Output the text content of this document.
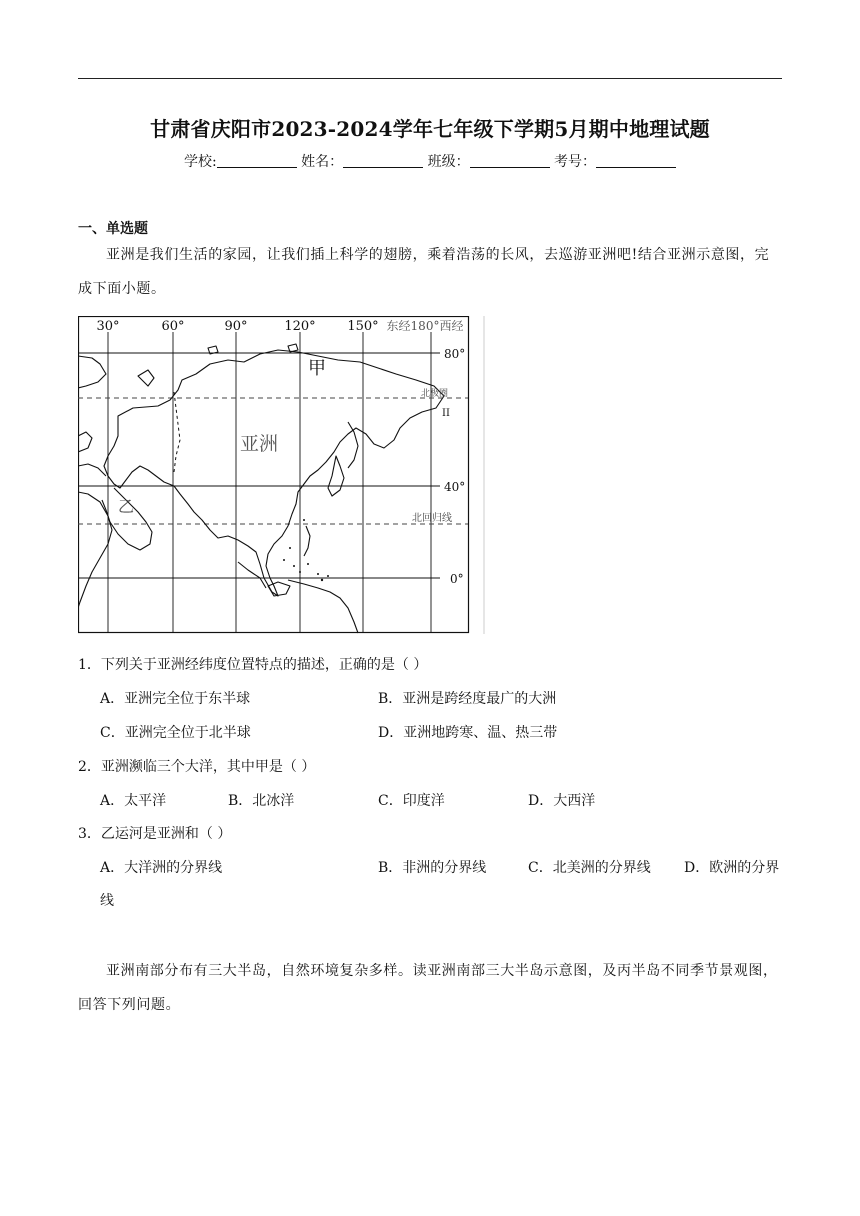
甘肃省庆阳市2023-2024学年七年级下学期5月期中地理试题
学校:	姓名：	班级：	考号：
一、单选题
亚洲是我们生活的家园，让我们插上科学的翅膀，乘着浩荡的长风，去巡游亚洲吧!结合亚洲示意图，完成下面小题。
30°	60°	90°	120° 150° 东经180°西经
80°
40°
0°
北极圈
北回归线
亚洲
甲
乙
II
1．下列关于亚洲经纬度位置特点的描述，正确的是（ ）
A．亚洲完全位于东半球	B．亚洲是跨经度最广的大洲
C．亚洲完全位于北半球	D．亚洲地跨寒、温、热三带
2．亚洲濒临三个大洋，其中甲是（ ）
A．太平洋	B．北冰洋	C．印度洋	D．大西洋
3．乙运河是亚洲和（ ）
A．大洋洲的分界线	B．非洲的分界线	C．北美洲的分界线 D．欧洲的分界
线
亚洲南部分布有三大半岛，自然环境复杂多样。读亚洲南部三大半岛示意图，及丙半岛不同季节景观图，回答下列问题。
